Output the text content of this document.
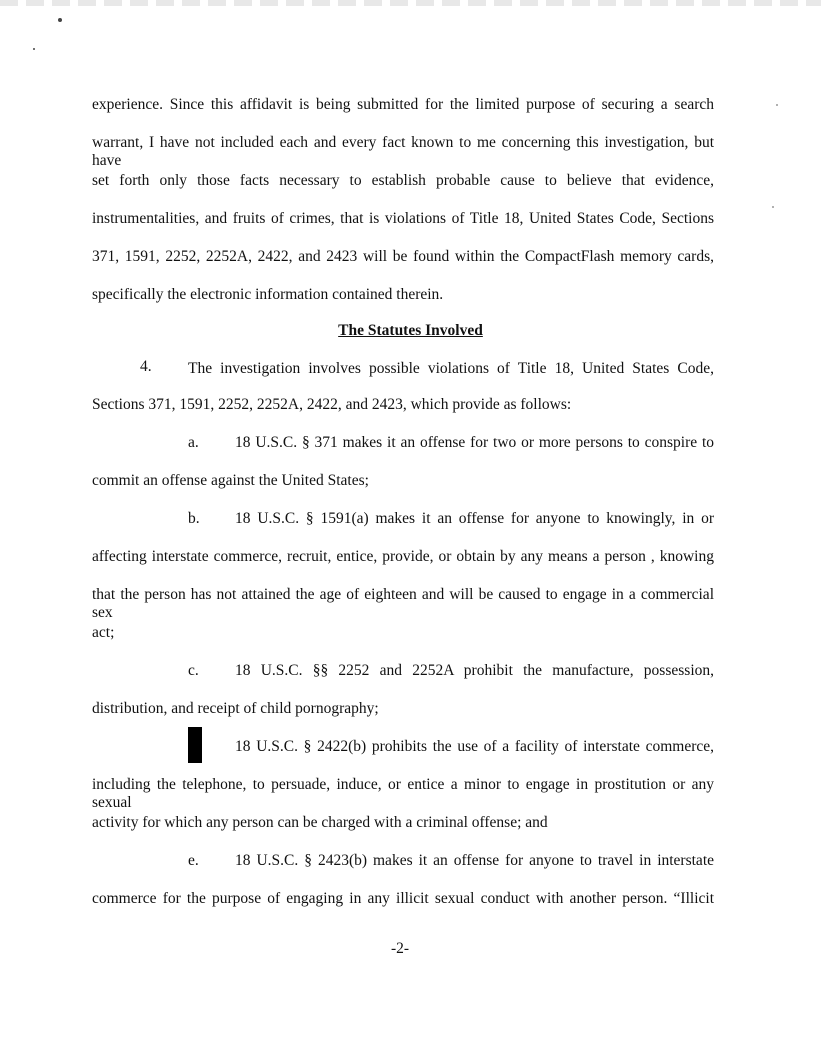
experience. Since this affidavit is being submitted for the limited purpose of securing a search
warrant, I have not included each and every fact known to me concerning this investigation, but have
set forth only those facts necessary to establish probable cause to believe that evidence,
instrumentalities, and fruits of crimes, that is violations of Title 18, United States Code, Sections
371, 1591, 2252, 2252A, 2422, and 2423 will be found within the CompactFlash memory cards,
specifically the electronic information contained therein.
The Statutes Involved
4. The investigation involves possible violations of Title 18, United States Code,
Sections 371, 1591, 2252, 2252A, 2422, and 2423, which provide as follows:
a. 18 U.S.C. § 371 makes it an offense for two or more persons to conspire to
commit an offense against the United States;
b. 18 U.S.C. § 1591(a) makes it an offense for anyone to knowingly, in or
affecting interstate commerce, recruit, entice, provide, or obtain by any means a person , knowing
that the person has not attained the age of eighteen and will be caused to engage in a commercial sex
act;
c. 18 U.S.C. §§ 2252 and 2252A prohibit the manufacture, possession,
distribution, and receipt of child pornography;
18 U.S.C. § 2422(b) prohibits the use of a facility of interstate commerce,
including the telephone, to persuade, induce, or entice a minor to engage in prostitution or any sexual
activity for which any person can be charged with a criminal offense; and
e. 18 U.S.C. § 2423(b) makes it an offense for anyone to travel in interstate
commerce for the purpose of engaging in any illicit sexual conduct with another person. “Illicit
-2-
